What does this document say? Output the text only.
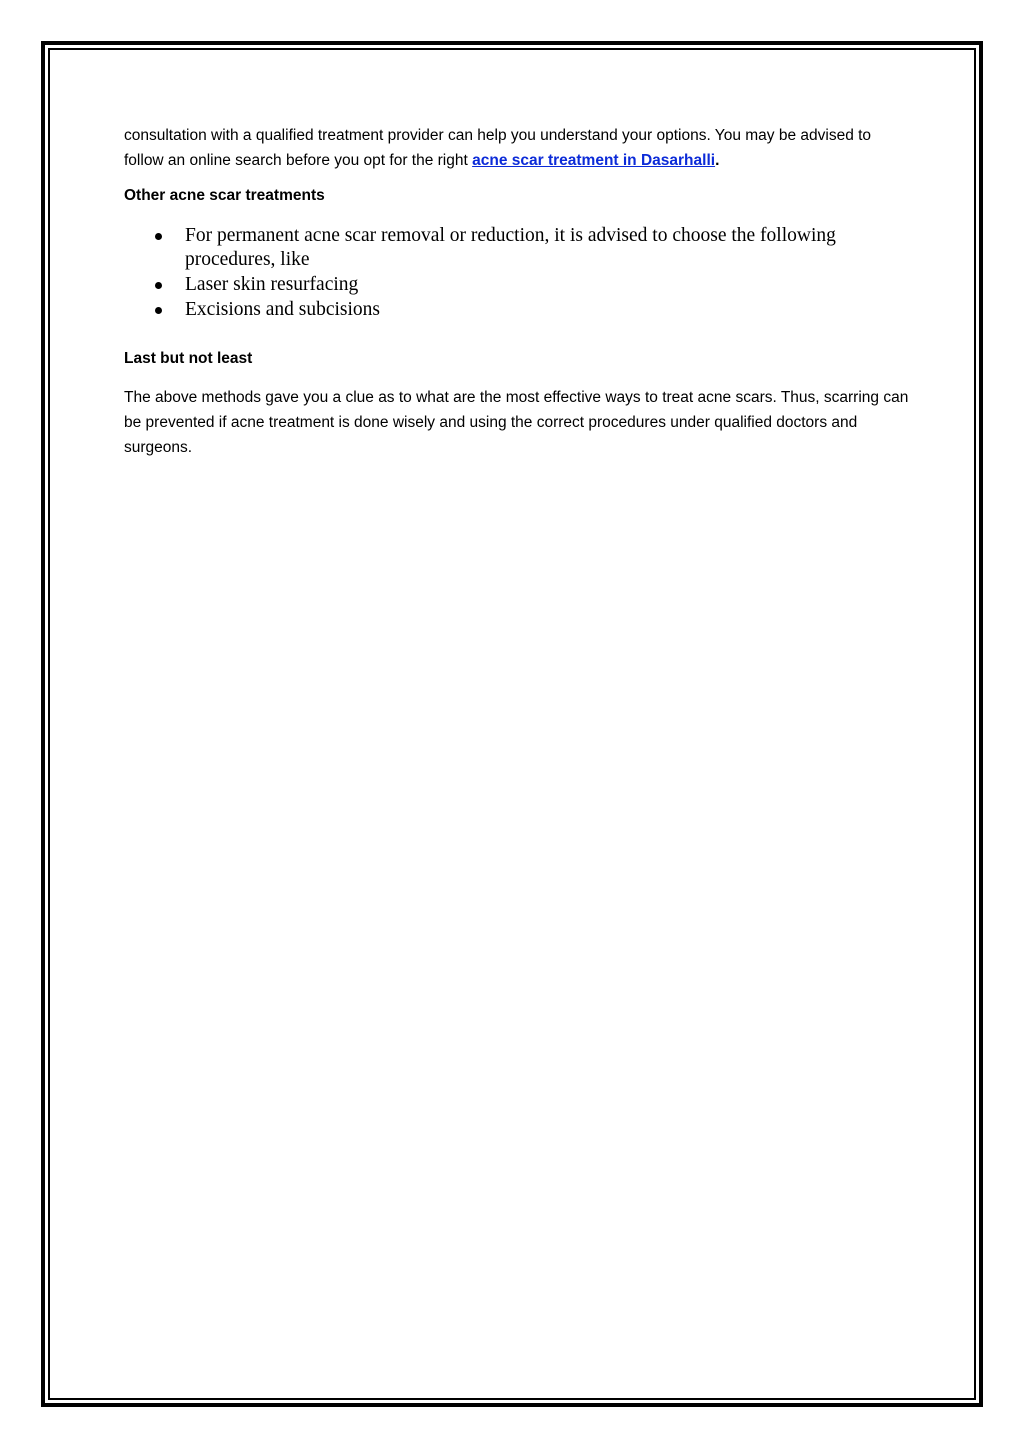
consultation with a qualified treatment provider can help you understand your options. You may be advised to follow an online search before you opt for the right acne scar treatment in Dasarhalli.

Other acne scar treatments

For permanent acne scar removal or reduction, it is advised to choose the following procedures, like
Laser skin resurfacing
Excisions and subcisions

Last but not least

The above methods gave you a clue as to what are the most effective ways to treat acne scars. Thus, scarring can be prevented if acne treatment is done wisely and using the correct procedures under qualified doctors and surgeons.
